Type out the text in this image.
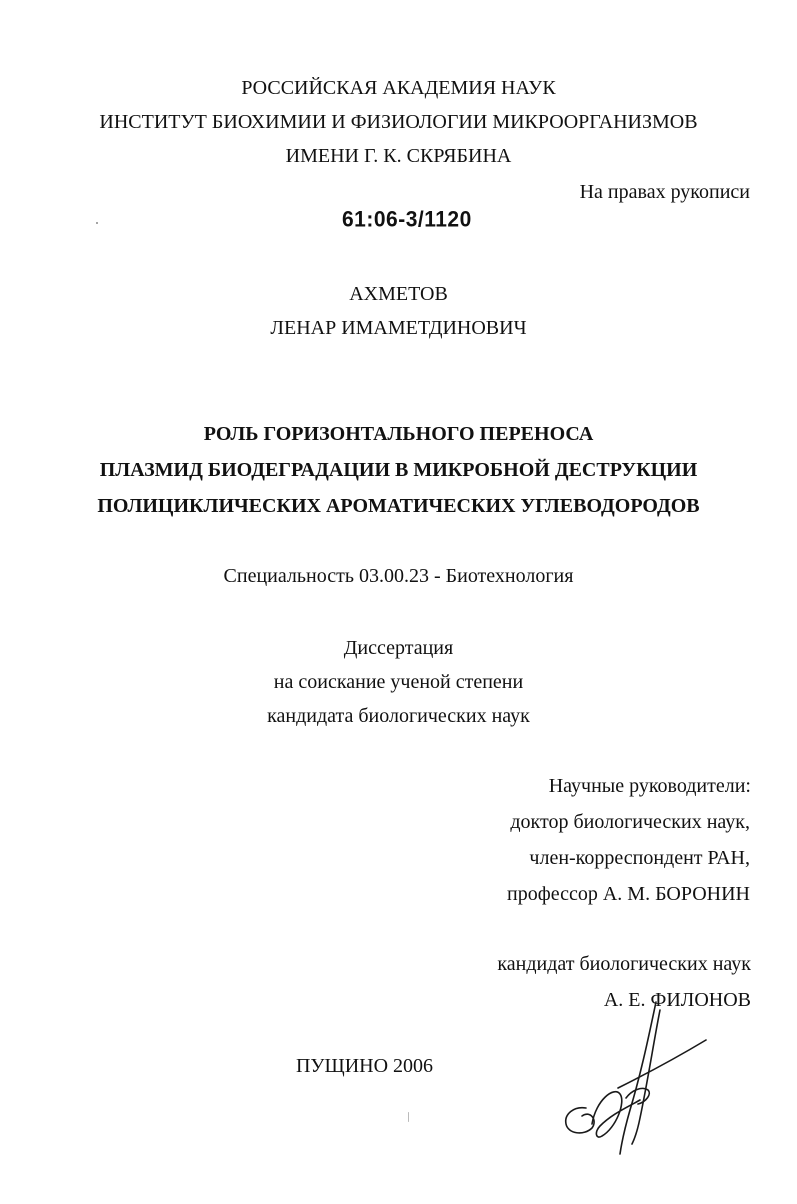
РОССИЙСКАЯ АКАДЕМИЯ НАУК
ИНСТИТУТ БИОХИМИИ И ФИЗИОЛОГИИ МИКРООРГАНИЗМОВ
ИМЕНИ Г. К. СКРЯБИНА
На правах рукописи
61:06-3/1120
АХМЕТОВ
ЛЕНАР ИМАМЕТДИНОВИЧ
РОЛЬ ГОРИЗОНТАЛЬНОГО ПЕРЕНОСА
ПЛАЗМИД БИОДЕГРАДАЦИИ В МИКРОБНОЙ ДЕСТРУКЦИИ
ПОЛИЦИКЛИЧЕСКИХ АРОМАТИЧЕСКИХ УГЛЕВОДОРОДОВ
Специальность 03.00.23 - Биотехнология
Диссертация
на соискание ученой степени
кандидата биологических наук
Научные руководители:
доктор биологических наук,
член-корреспондент РАН,
профессор А. М. БОРОНИН
кандидат биологических наук
А. Е. ФИЛОНОВ
ПУЩИНО 2006
